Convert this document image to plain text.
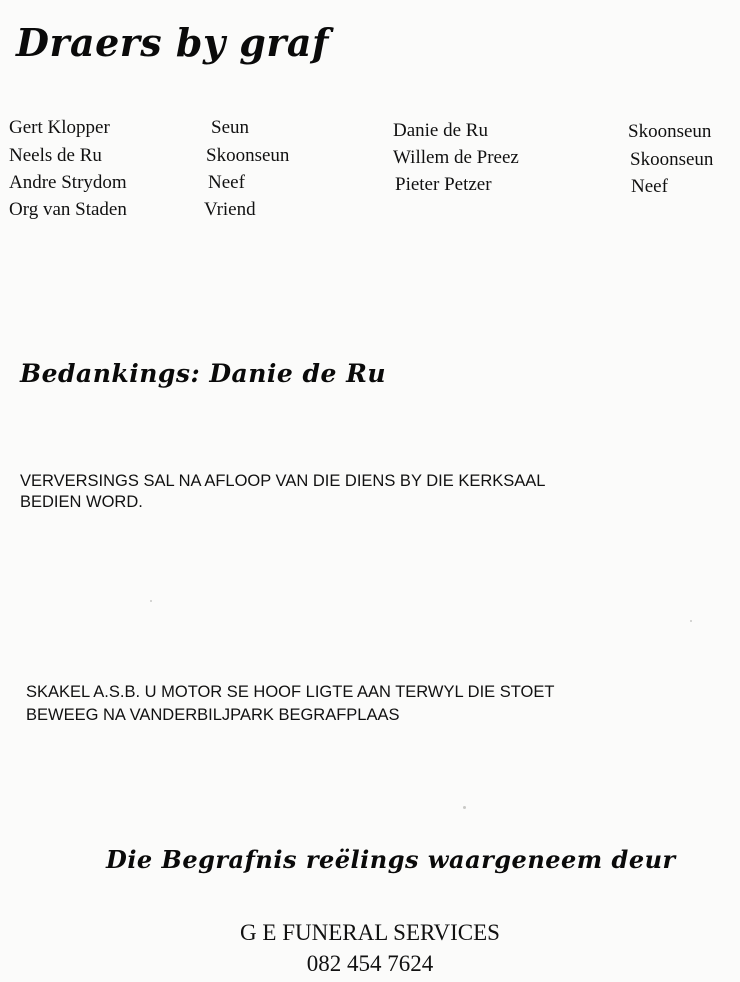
Draers by graf
Gert Klopper	Seun
Neels de Ru	Skoonseun
Andre Strydom	Neef
Org van Staden	Vriend
Danie de Ru	Skoonseun
Willem de Preez	Skoonseun
Pieter Petzer	Neef
Bedankings: Danie de Ru
VERVERSINGS SAL NA AFLOOP VAN DIE DIENS BY DIE KERKSAAL
BEDIEN WORD.
SKAKEL A.S.B. U MOTOR SE HOOF LIGTE AAN TERWYL DIE STOET
BEWEEG NA VANDERBILJPARK BEGRAFPLAAS
Die Begrafnis reëlings waargeneem deur
G E FUNERAL SERVICES
082 454 7624
